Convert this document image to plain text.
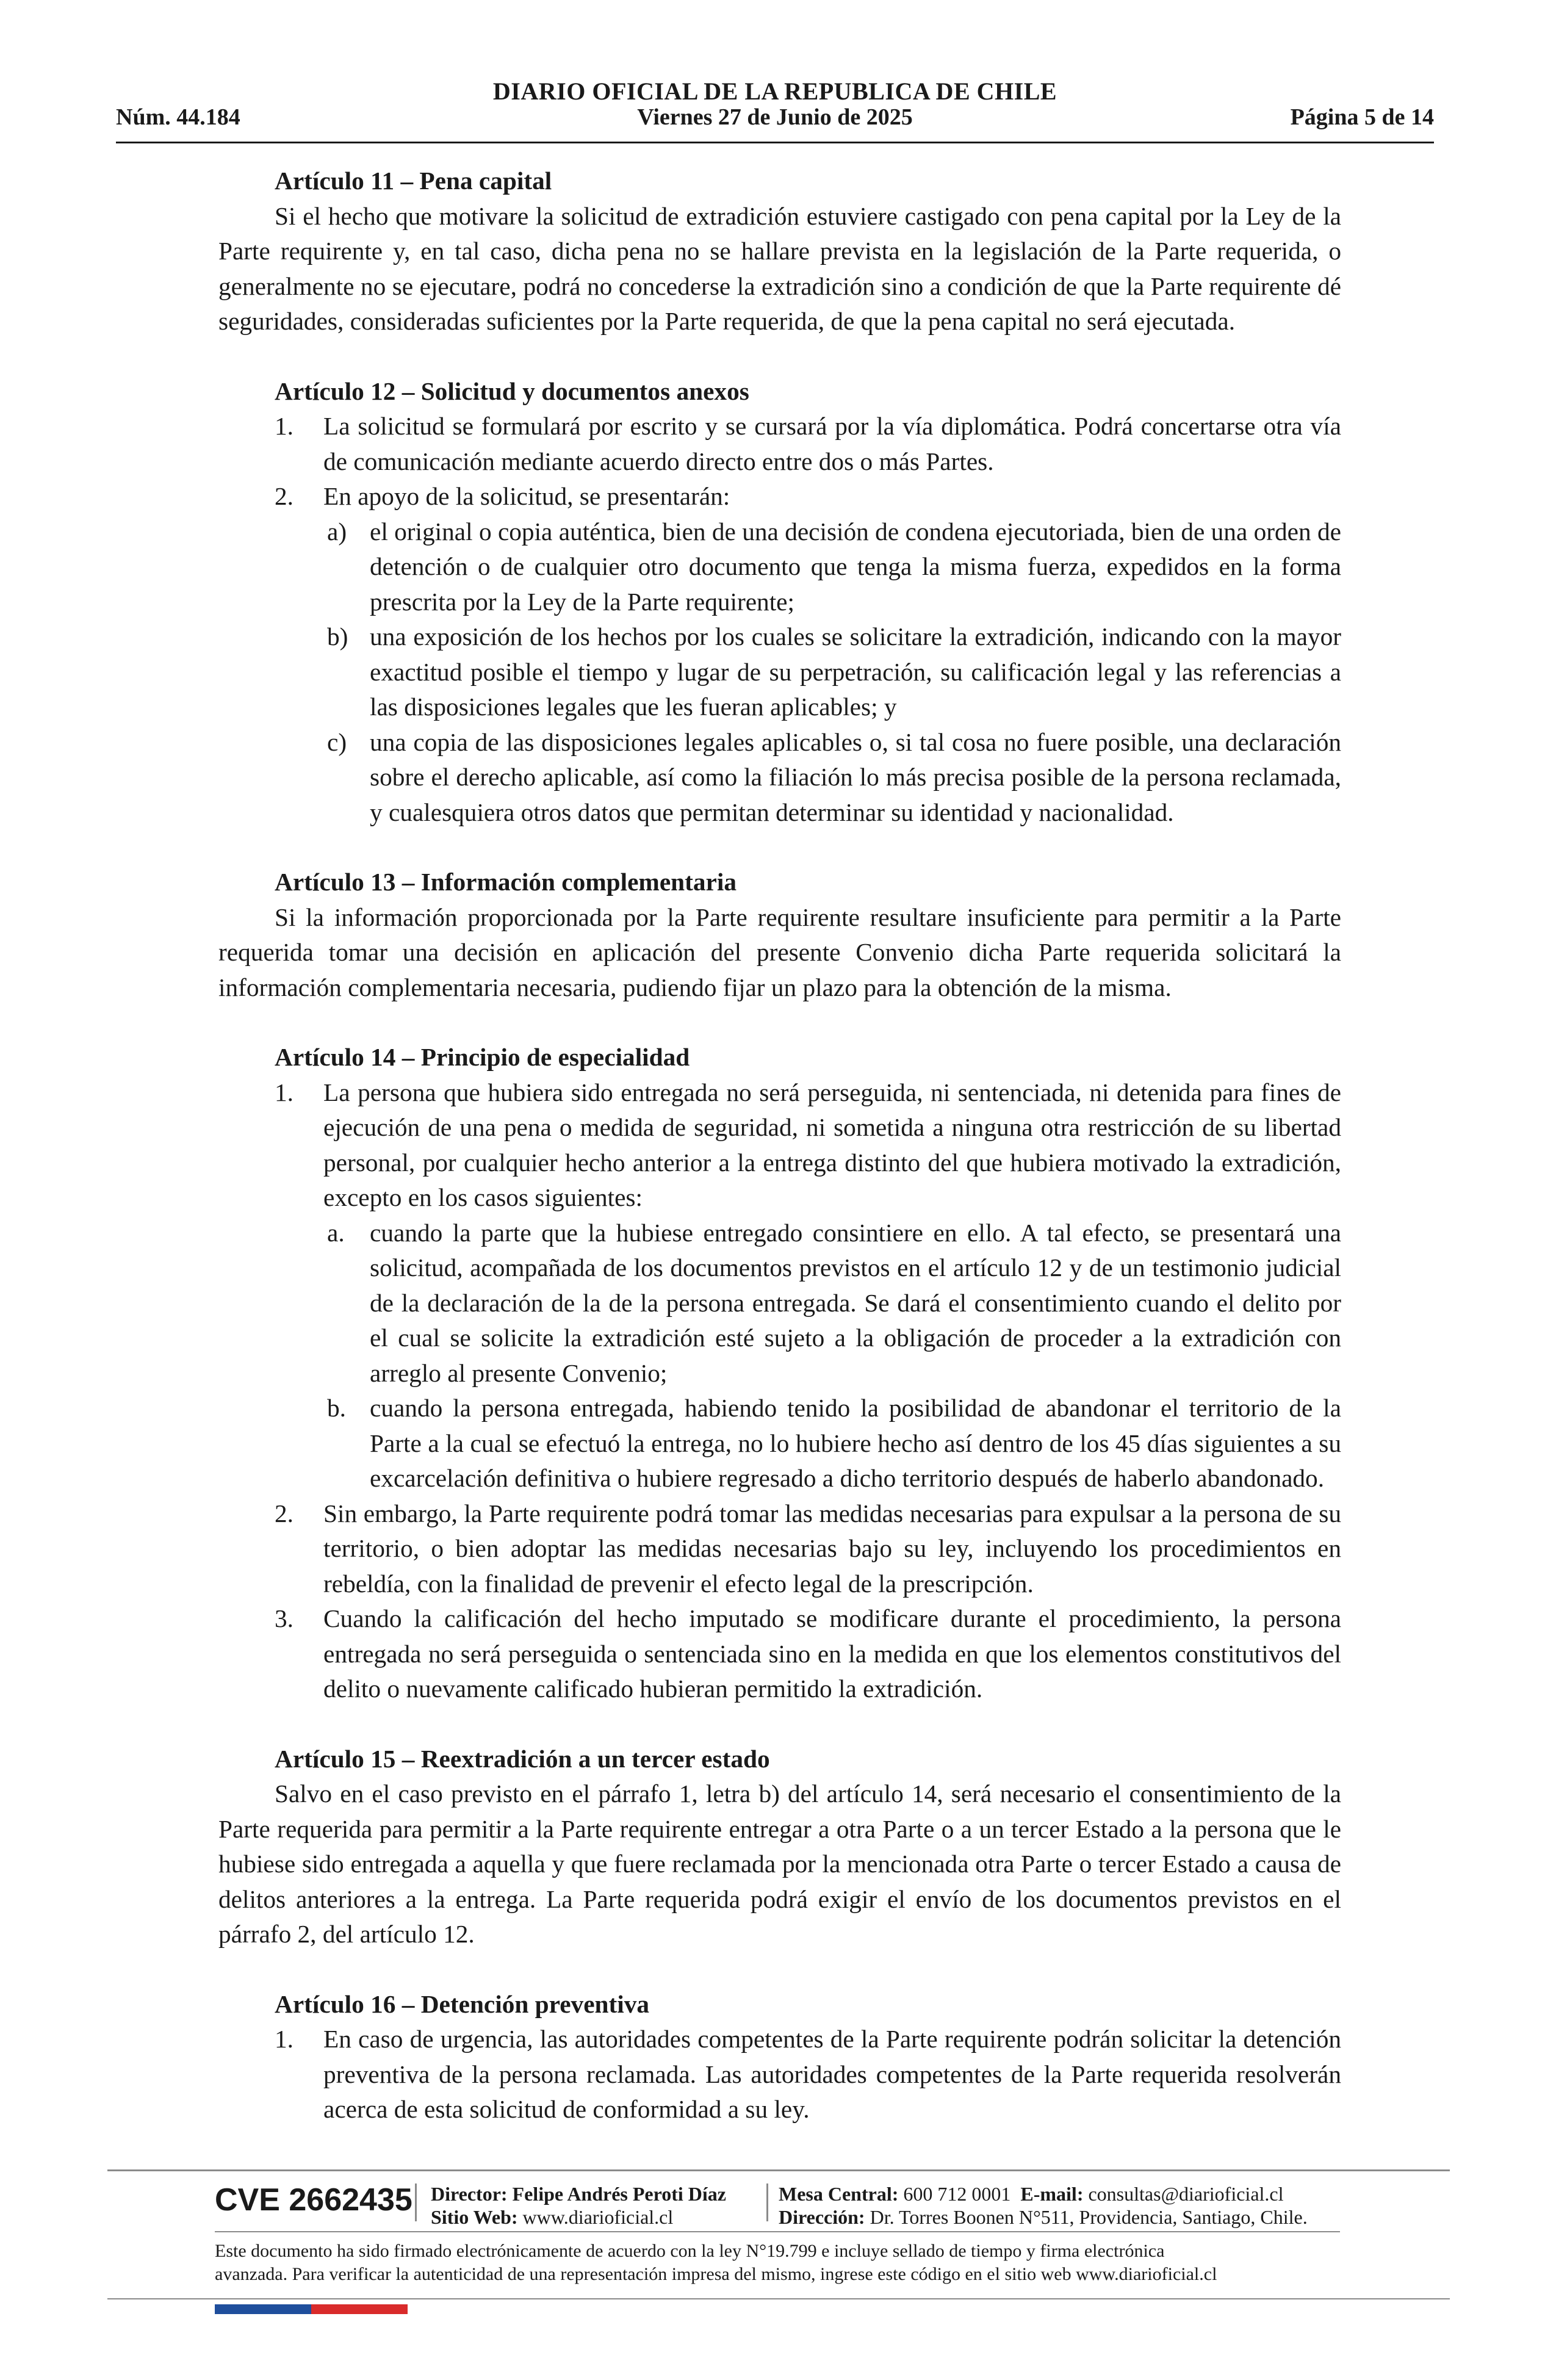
DIARIO OFICIAL DE LA REPUBLICA DE CHILE
Núm. 44.184	Viernes 27 de Junio de 2025	Página 5 de 14
Artículo 11 – Pena capital
Si el hecho que motivare la solicitud de extradición estuviere castigado con pena capital por la Ley de la Parte requirente y, en tal caso, dicha pena no se hallare prevista en la legislación de la Parte requerida, o generalmente no se ejecutare, podrá no concederse la extradición sino a condición de que la Parte requirente dé seguridades, consideradas suficientes por la Parte requerida, de que la pena capital no será ejecutada.
Artículo 12 – Solicitud y documentos anexos
1. La solicitud se formulará por escrito y se cursará por la vía diplomática. Podrá concertarse otra vía de comunicación mediante acuerdo directo entre dos o más Partes.
2. En apoyo de la solicitud, se presentarán:
a) el original o copia auténtica, bien de una decisión de condena ejecutoriada, bien de una orden de detención o de cualquier otro documento que tenga la misma fuerza, expedidos en la forma prescrita por la Ley de la Parte requirente;
b) una exposición de los hechos por los cuales se solicitare la extradición, indicando con la mayor exactitud posible el tiempo y lugar de su perpetración, su calificación legal y las referencias a las disposiciones legales que les fueran aplicables; y
c) una copia de las disposiciones legales aplicables o, si tal cosa no fuere posible, una declaración sobre el derecho aplicable, así como la filiación lo más precisa posible de la persona reclamada, y cualesquiera otros datos que permitan determinar su identidad y nacionalidad.
Artículo 13 – Información complementaria
Si la información proporcionada por la Parte requirente resultare insuficiente para permitir a la Parte requerida tomar una decisión en aplicación del presente Convenio dicha Parte requerida solicitará la información complementaria necesaria, pudiendo fijar un plazo para la obtención de la misma.
Artículo 14 – Principio de especialidad
1. La persona que hubiera sido entregada no será perseguida, ni sentenciada, ni detenida para fines de ejecución de una pena o medida de seguridad, ni sometida a ninguna otra restricción de su libertad personal, por cualquier hecho anterior a la entrega distinto del que hubiera motivado la extradición, excepto en los casos siguientes:
a. cuando la parte que la hubiese entregado consintiere en ello. A tal efecto, se presentará una solicitud, acompañada de los documentos previstos en el artículo 12 y de un testimonio judicial de la declaración de la de la persona entregada. Se dará el consentimiento cuando el delito por el cual se solicite la extradición esté sujeto a la obligación de proceder a la extradición con arreglo al presente Convenio;
b. cuando la persona entregada, habiendo tenido la posibilidad de abandonar el territorio de la Parte a la cual se efectuó la entrega, no lo hubiere hecho así dentro de los 45 días siguientes a su excarcelación definitiva o hubiere regresado a dicho territorio después de haberlo abandonado.
2. Sin embargo, la Parte requirente podrá tomar las medidas necesarias para expulsar a la persona de su territorio, o bien adoptar las medidas necesarias bajo su ley, incluyendo los procedimientos en rebeldía, con la finalidad de prevenir el efecto legal de la prescripción.
3. Cuando la calificación del hecho imputado se modificare durante el procedimiento, la persona entregada no será perseguida o sentenciada sino en la medida en que los elementos constitutivos del delito o nuevamente calificado hubieran permitido la extradición.
Artículo 15 – Reextradición a un tercer estado
Salvo en el caso previsto en el párrafo 1, letra b) del artículo 14, será necesario el consentimiento de la Parte requerida para permitir a la Parte requirente entregar a otra Parte o a un tercer Estado a la persona que le hubiese sido entregada a aquella y que fuere reclamada por la mencionada otra Parte o tercer Estado a causa de delitos anteriores a la entrega. La Parte requerida podrá exigir el envío de los documentos previstos en el párrafo 2, del artículo 12.
Artículo 16 – Detención preventiva
1. En caso de urgencia, las autoridades competentes de la Parte requirente podrán solicitar la detención preventiva de la persona reclamada. Las autoridades competentes de la Parte requerida resolverán acerca de esta solicitud de conformidad a su ley.
CVE 2662435 Director: Felipe Andrés Peroti Díaz
Sitio Web: www.diarioficial.cl
Mesa Central: 600 712 0001 E-mail: consultas@diarioficial.cl
Dirección: Dr. Torres Boonen N°511, Providencia, Santiago, Chile.
Este documento ha sido firmado electrónicamente de acuerdo con la ley N°19.799 e incluye sellado de tiempo y firma electrónica
avanzada. Para verificar la autenticidad de una representación impresa del mismo, ingrese este código en el sitio web www.diarioficial.cl
